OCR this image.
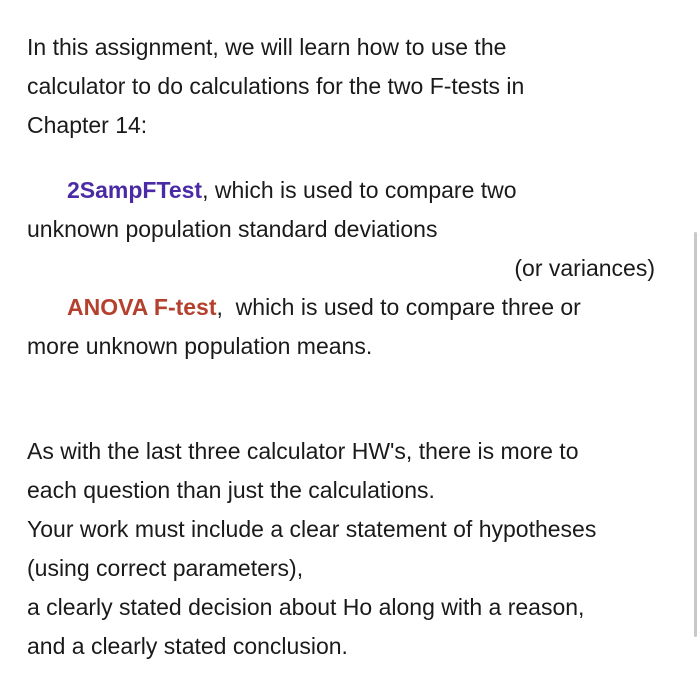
In this assignment, we will learn how to use the
calculator to do calculations for the two F-tests in
Chapter 14:

2SampFTest, which is used to compare two
unknown population standard deviations
(or variances)

ANOVA F-test,  which is used to compare three or
more unknown population means.

As with the last three calculator HW's, there is more to
each question than just the calculations.
Your work must include a clear statement of hypotheses
(using correct parameters),
a clearly stated decision about Ho along with a reason,
and a clearly stated conclusion.
